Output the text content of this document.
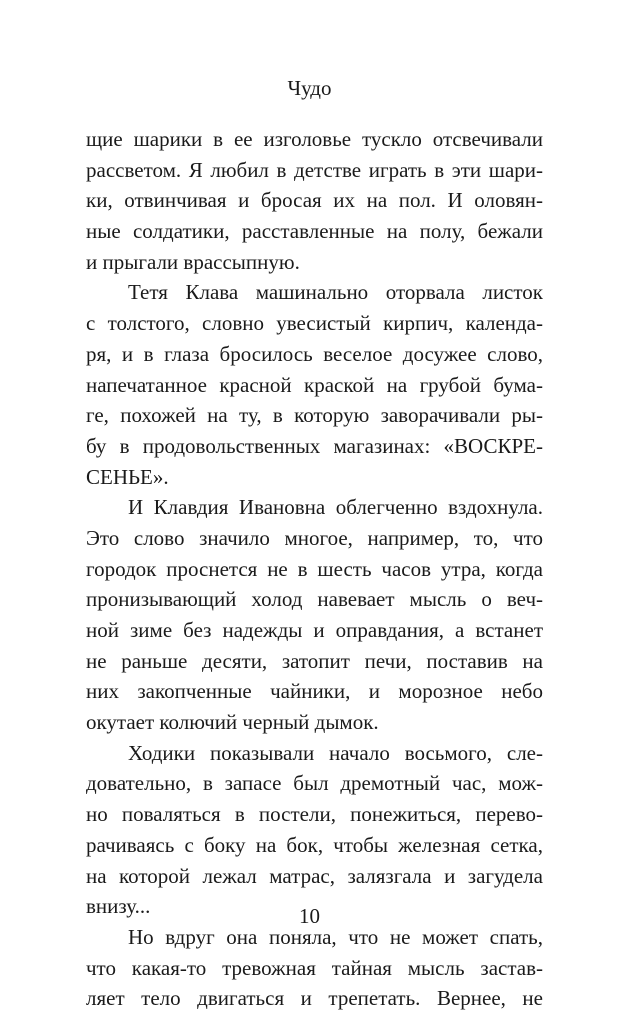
Чудо
щие шарики в ее изголовье тускло отсвечивали
рассветом. Я любил в детстве играть в эти шари-
ки, отвинчивая и бросая их на пол. И оловян-
ные солдатики, расставленные на полу, бежали
и прыгали врассыпную.
Тетя Клава машинально оторвала листок
с толстого, словно увесистый кирпич, календа-
ря, и в глаза бросилось веселое досужее слово,
напечатанное красной краской на грубой бума-
ге, похожей на ту, в которую заворачивали ры-
бу в продовольственных магазинах: «ВОСКРЕ-
СЕНЬЕ».
И Клавдия Ивановна облегченно вздохнула.
Это слово значило многое, например, то, что
городок проснется не в шесть часов утра, когда
пронизывающий холод навевает мысль о веч-
ной зиме без надежды и оправдания, а встанет
не раньше десяти, затопит печи, поставив на
них закопченные чайники, и морозное небо
окутает колючий черный дымок.
Ходики показывали начало восьмого, сле-
довательно, в запасе был дремотный час, мож-
но поваляться в постели, понежиться, перево-
рачиваясь с боку на бок, чтобы железная сетка,
на которой лежал матрас, залязгала и загудела
внизу...
Но вдруг она поняла, что не может спать,
что какая-то тревожная тайная мысль застав-
ляет тело двигаться и трепетать. Вернее, не
10
